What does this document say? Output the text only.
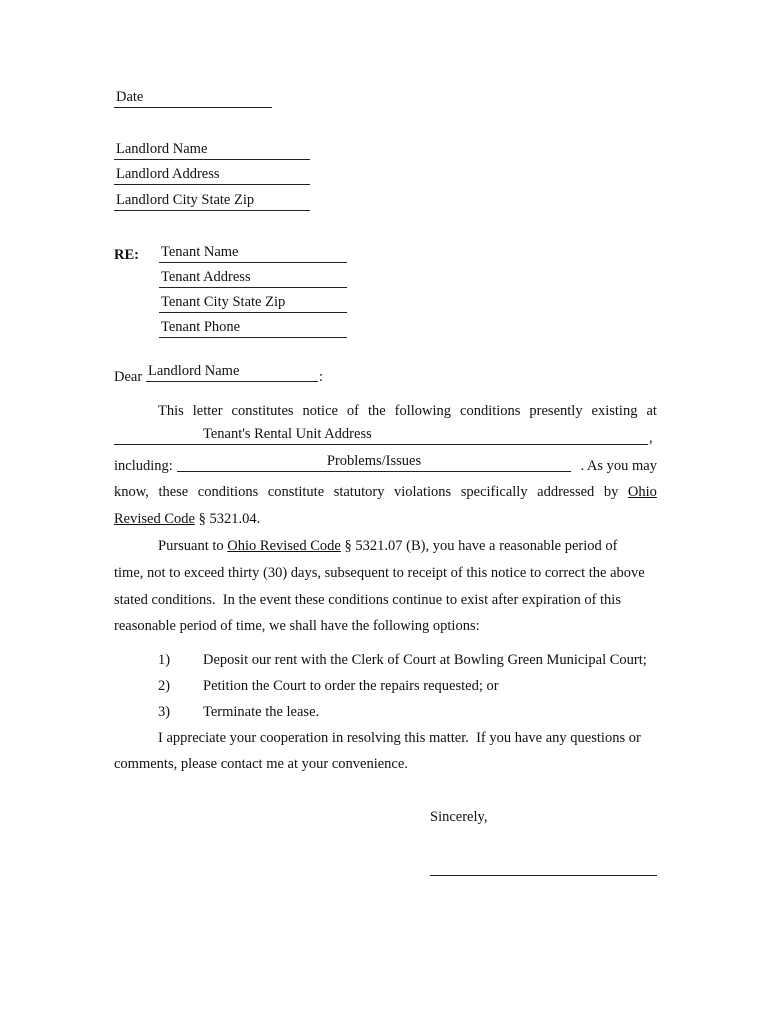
Date
Landlord Name
Landlord Address
Landlord City State Zip
RE: Tenant Name
Tenant Address
Tenant City State Zip
Tenant Phone
Dear Landlord Name	:
This letter constitutes notice of the following conditions presently existing at
Tenant's Rental Unit Address	,
including:	Problems/Issues	. As you may
know, these conditions constitute statutory violations specifically addressed by Ohio
Revised Code § 5321.04.
Pursuant to Ohio Revised Code § 5321.07 (B), you have a reasonable period of
time, not to exceed thirty (30) days, subsequent to receipt of this notice to correct the above
stated conditions.  In the event these conditions continue to exist after expiration of this
reasonable period of time, we shall have the following options:
1) Deposit our rent with the Clerk of Court at Bowling Green Municipal Court;
2) Petition the Court to order the repairs requested; or
3) Terminate the lease.
I appreciate your cooperation in resolving this matter.  If you have any questions or
comments, please contact me at your convenience.
Sincerely,
